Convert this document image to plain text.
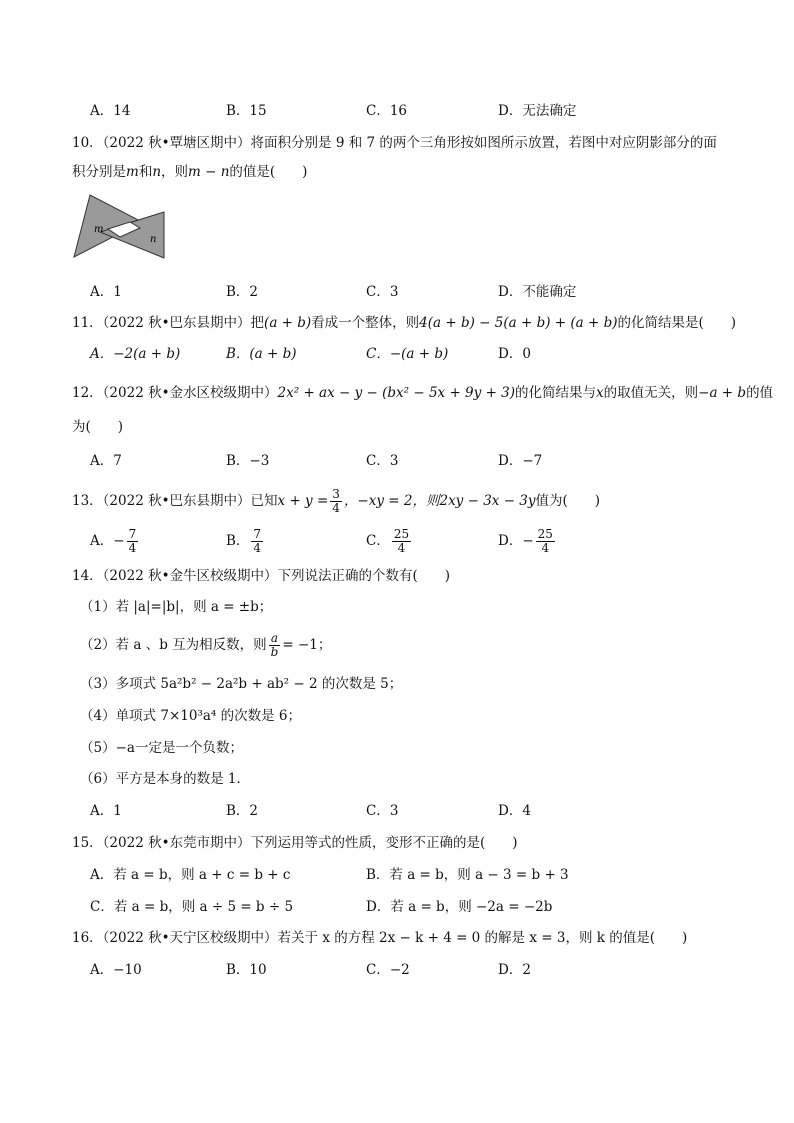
A．14	B．15	C．16	D．无法确定
10．（2022 秋•覃塘区期中）将面积分别是 9 和 7 的两个三角形按如图所示放置，若图中对应阴影部分的面
积分别是m和n，则m − n的值是(　　)
m
n
A．1	B．2	C．3	D．不能确定
11．（2022 秋•巴东县期中）把(a + b)看成一个整体，则4(a + b) − 5(a + b) + (a + b)的化简结果是(　　)
A．−2(a + b)	B．(a + b)	C．−(a + b)	D．0
12．（2022 秋•金水区校级期中）2x² + ax − y − (bx² − 5x + 9y + 3)的化简结果与x的取值无关，则−a + b的值
为(　　)
A．7	B．−3	C．3	D．−7
13．（2022 秋•巴东县期中）已知$x + y = \frac{3}{4}$ ，−xy = 2，则2xy − 3x − 3y值为(　　)
A．− $\frac{7}{4}$	B． $\frac{7}{4}$	C． $\frac{25}{4}$	D．− $\frac{25}{4}$
14．（2022 秋•金牛区校级期中）下列说法正确的个数有(　　)
（1）若 |a|=|b|，则 a = ±b；
（2）若 a 、b 互为相反数，则 $\frac{a}{b} = -1$；
（3）多项式 5a²b² − 2a²b + ab² − 2 的次数是 5；
（4）单项式 7×10³a⁴ 的次数是 6；
（5）−a一定是一个负数；
（6）平方是本身的数是 1．
A．1	B．2	C．3	D．4
15．（2022 秋•东莞市期中）下列运用等式的性质，变形不正确的是(　　)
A．若 a = b，则 a + c = b + c	B．若 a = b，则 a − 3 = b + 3
C．若 a = b，则 a ÷ 5 = b ÷ 5	D．若 a = b，则 −2a = −2b
16．（2022 秋•天宁区校级期中）若关于 x 的方程 2x − k + 4 = 0 的解是 x = 3，则 k 的值是(　　)
A．−10	B．10	C．−2	D．2
